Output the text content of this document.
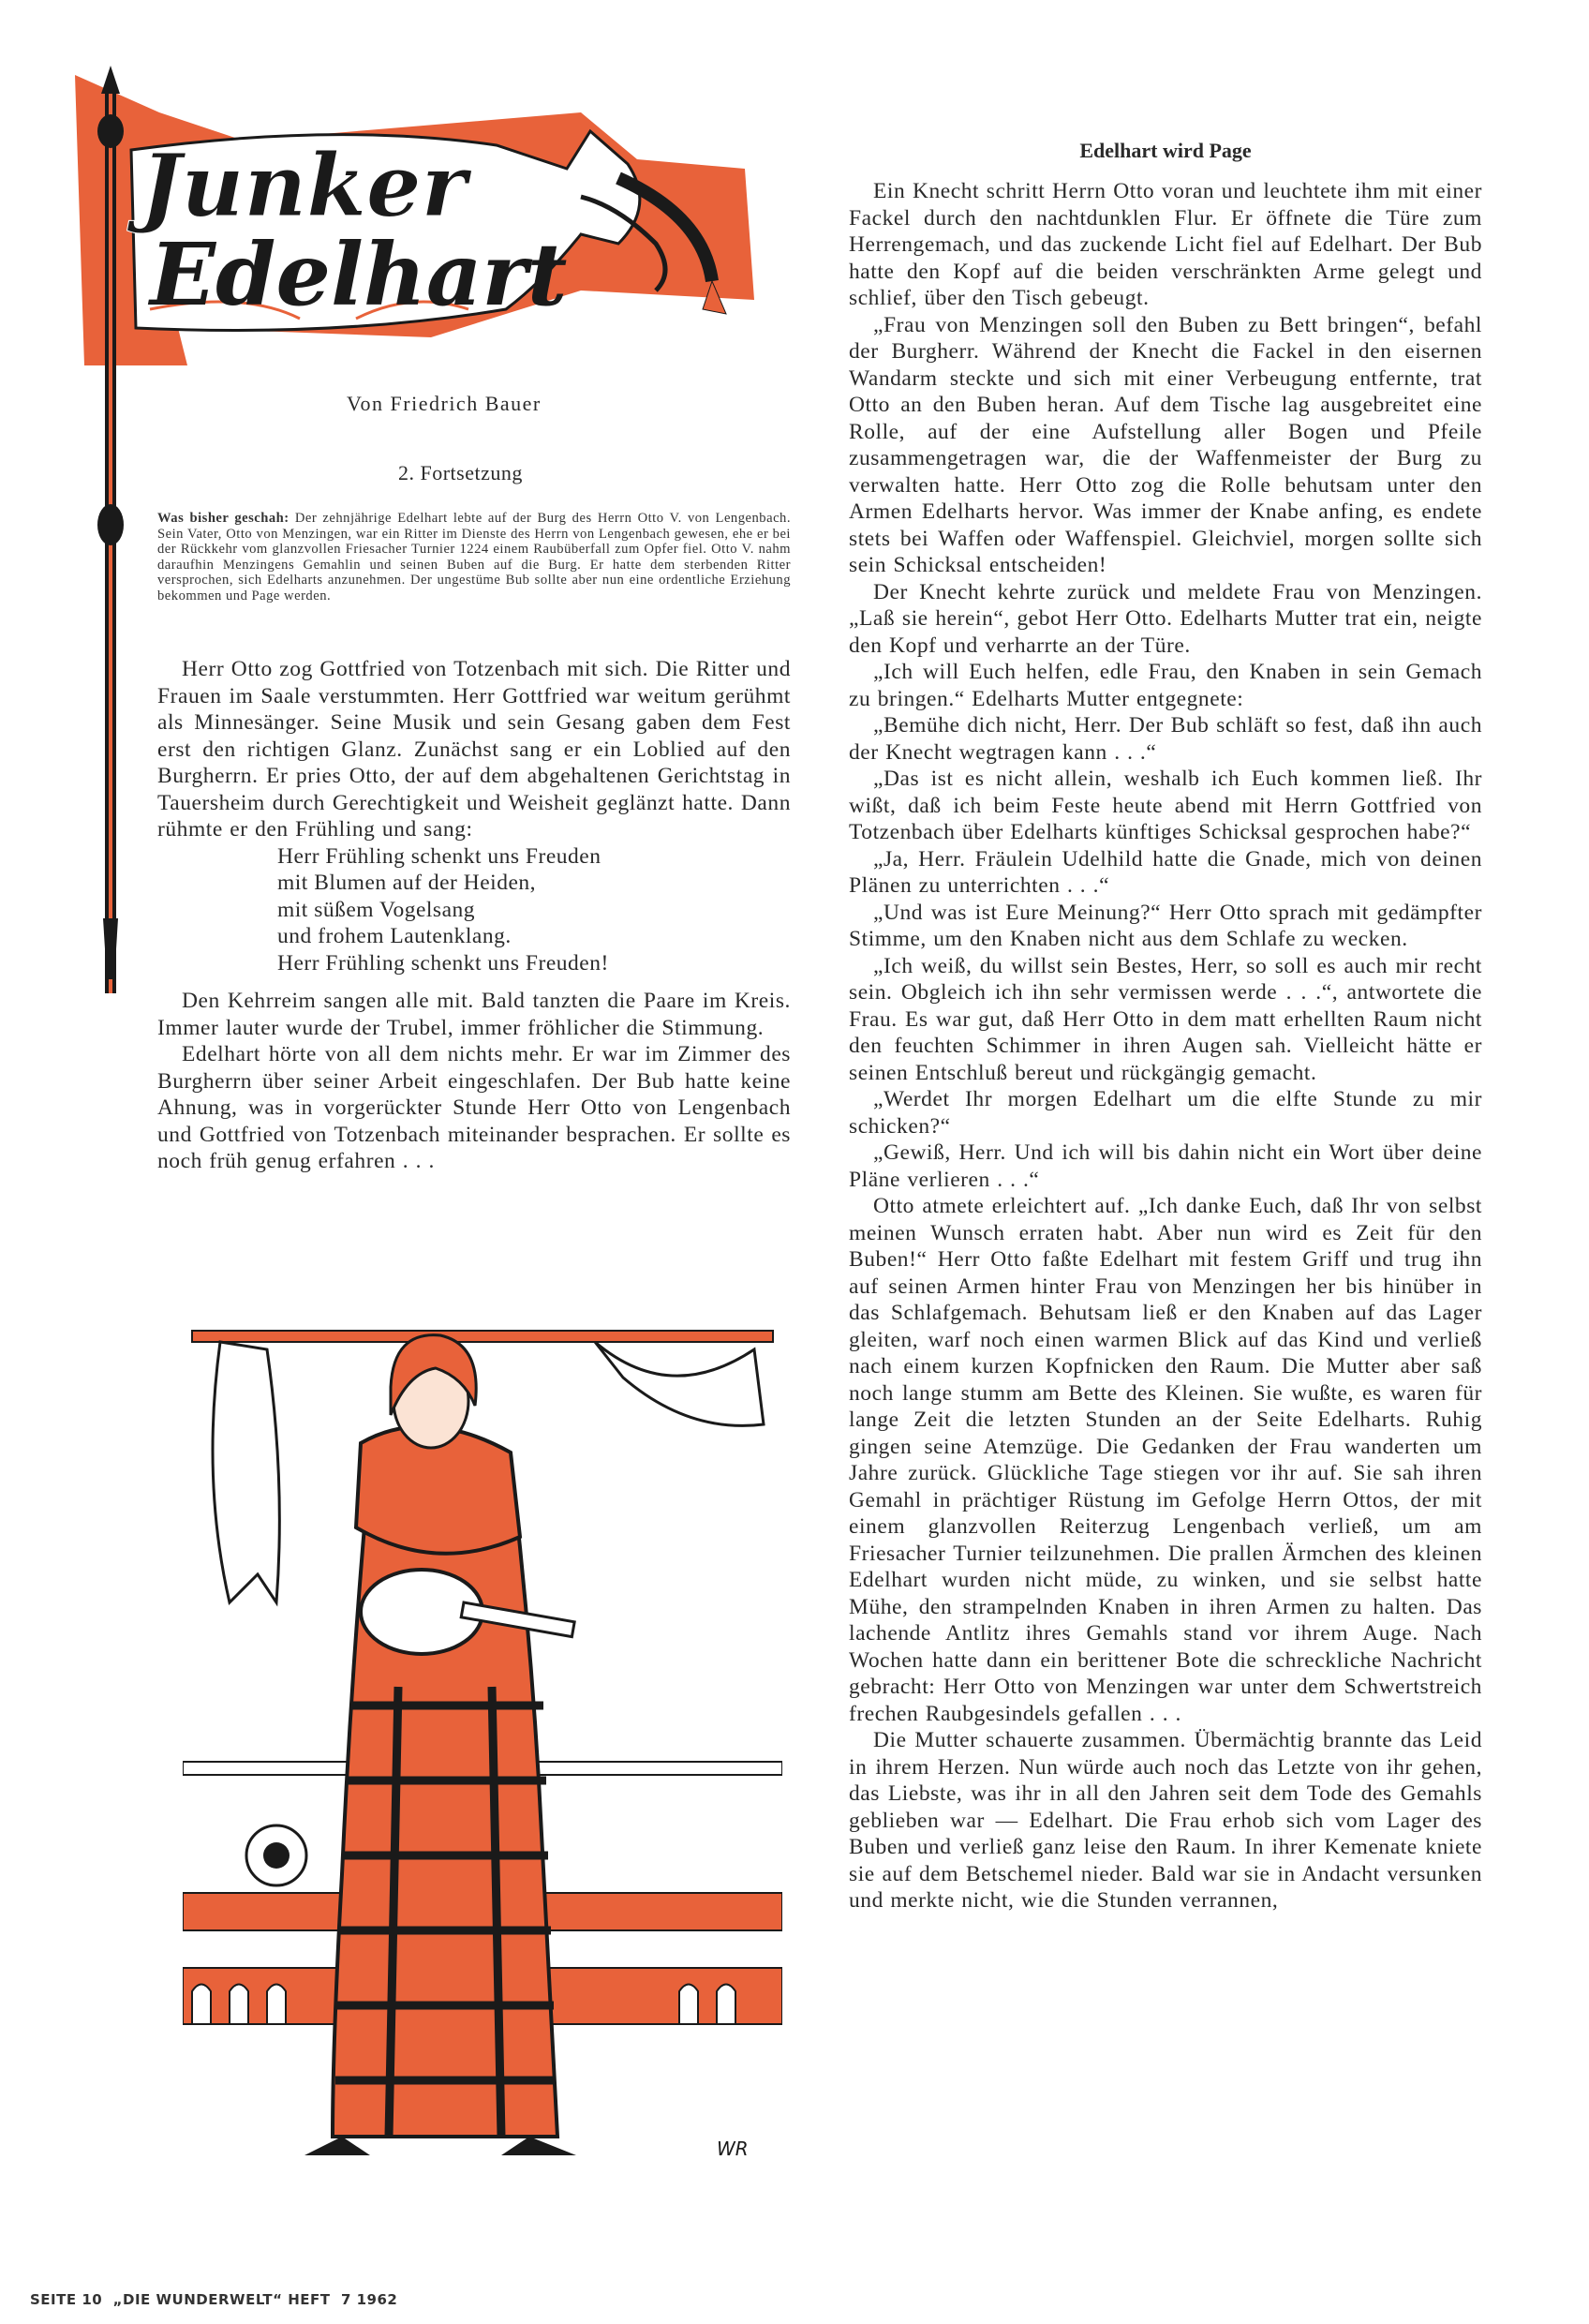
Junker
Edelhart
Von Friedrich Bauer
2. Fortsetzung
Was bisher geschah: Der zehnjährige Edelhart lebte auf der Burg des Herrn Otto V. von Lengenbach. Sein Vater, Otto von Menzingen, war ein Ritter im Dienste des Herrn von Lengenbach gewesen, ehe er bei der Rückkehr vom glanzvollen Friesacher Turnier 1224 einem Raubüberfall zum Opfer fiel. Otto V. nahm daraufhin Menzingens Gemahlin und seinen Buben auf die Burg. Er hatte dem sterbenden Ritter versprochen, sich Edelharts anzunehmen. Der ungestüme Bub sollte aber nun eine ordentliche Erziehung bekommen und Page werden.

Herr Otto zog Gottfried von Totzenbach mit sich. Die Ritter und Frauen im Saale verstummten. Herr Gottfried war weitum gerühmt als Minnesänger. Seine Musik und sein Gesang gaben dem Fest erst den richtigen Glanz. Zunächst sang er ein Loblied auf den Burgherrn. Er pries Otto, der auf dem abgehaltenen Gerichtstag in Tauersheim durch Gerechtigkeit und Weisheit geglänzt hatte. Dann rühmte er den Frühling und sang:

Herr Frühling schenkt uns Freuden
mit Blumen auf der Heiden,
mit süßem Vogelsang
und frohem Lautenklang.
Herr Frühling schenkt uns Freuden!

Den Kehrreim sangen alle mit. Bald tanzten die Paare im Kreis. Immer lauter wurde der Trubel, immer fröhlicher die Stimmung.

Edelhart hörte von all dem nichts mehr. Er war im Zimmer des Burgherrn über seiner Arbeit eingeschlafen. Der Bub hatte keine Ahnung, was in vorgerückter Stunde Herr Otto von Lengenbach und Gottfried von Totzenbach miteinander besprachen. Er sollte es noch früh genug erfahren . . .

WR
Edelhart wird Page

Ein Knecht schritt Herrn Otto voran und leuchtete ihm mit einer Fackel durch den nachtdunklen Flur. Er öffnete die Türe zum Herrengemach, und das zuckende Licht fiel auf Edelhart. Der Bub hatte den Kopf auf die beiden verschränkten Arme gelegt und schlief, über den Tisch gebeugt.

„Frau von Menzingen soll den Buben zu Bett bringen“, befahl der Burgherr. Während der Knecht die Fackel in den eisernen Wandarm steckte und sich mit einer Verbeugung entfernte, trat Otto an den Buben heran. Auf dem Tische lag ausgebreitet eine Rolle, auf der eine Aufstellung aller Bogen und Pfeile zusammengetragen war, die der Waffenmeister der Burg zu verwalten hatte. Herr Otto zog die Rolle behutsam unter den Armen Edelharts hervor. Was immer der Knabe anfing, es endete stets bei Waffen oder Waffenspiel. Gleichviel, morgen sollte sich sein Schicksal entscheiden!

Der Knecht kehrte zurück und meldete Frau von Menzingen. „Laß sie herein“, gebot Herr Otto. Edelharts Mutter trat ein, neigte den Kopf und verharrte an der Türe.

„Ich will Euch helfen, edle Frau, den Knaben in sein Gemach zu bringen.“ Edelharts Mutter entgegnete:

„Bemühe dich nicht, Herr. Der Bub schläft so fest, daß ihn auch der Knecht wegtragen kann . . .“

„Das ist es nicht allein, weshalb ich Euch kommen ließ. Ihr wißt, daß ich beim Feste heute abend mit Herrn Gottfried von Totzenbach über Edelharts künftiges Schicksal gesprochen habe?“

„Ja, Herr. Fräulein Udelhild hatte die Gnade, mich von deinen Plänen zu unterrichten . . .“

„Und was ist Eure Meinung?“ Herr Otto sprach mit gedämpfter Stimme, um den Knaben nicht aus dem Schlafe zu wecken.

„Ich weiß, du willst sein Bestes, Herr, so soll es auch mir recht sein. Obgleich ich ihn sehr vermissen werde . . .“, antwortete die Frau. Es war gut, daß Herr Otto in dem matt erhellten Raum nicht den feuchten Schimmer in ihren Augen sah. Vielleicht hätte er seinen Entschluß bereut und rückgängig gemacht.

„Werdet Ihr morgen Edelhart um die elfte Stunde zu mir schicken?“

„Gewiß, Herr. Und ich will bis dahin nicht ein Wort über deine Pläne verlieren . . .“

Otto atmete erleichtert auf. „Ich danke Euch, daß Ihr von selbst meinen Wunsch erraten habt. Aber nun wird es Zeit für den Buben!“ Herr Otto faßte Edelhart mit festem Griff und trug ihn auf seinen Armen hinter Frau von Menzingen her bis hinüber in das Schlafgemach. Behutsam ließ er den Knaben auf das Lager gleiten, warf noch einen warmen Blick auf das Kind und verließ nach einem kurzen Kopfnicken den Raum. Die Mutter aber saß noch lange stumm am Bette des Kleinen. Sie wußte, es waren für lange Zeit die letzten Stunden an der Seite Edelharts. Ruhig gingen seine Atemzüge. Die Gedanken der Frau wanderten um Jahre zurück. Glückliche Tage stiegen vor ihr auf. Sie sah ihren Gemahl in prächtiger Rüstung im Gefolge Herrn Ottos, der mit einem glanzvollen Reiterzug Lengenbach verließ, um am Friesacher Turnier teilzunehmen. Die prallen Ärmchen des kleinen Edelhart wurden nicht müde, zu winken, und sie selbst hatte Mühe, den strampelnden Knaben in ihren Armen zu halten. Das lachende Antlitz ihres Gemahls stand vor ihrem Auge. Nach Wochen hatte dann ein berittener Bote die schreckliche Nachricht gebracht: Herr Otto von Menzingen war unter dem Schwertstreich frechen Raubgesindels gefallen . . .

Die Mutter schauerte zusammen. Übermächtig brannte das Leid in ihrem Herzen. Nun würde auch noch das Letzte von ihr gehen, das Liebste, was ihr in all den Jahren seit dem Tode des Gemahls geblieben war — Edelhart. Die Frau erhob sich vom Lager des Buben und verließ ganz leise den Raum. In ihrer Kemenate kniete sie auf dem Betschemel nieder. Bald war sie in Andacht versunken und merkte nicht, wie die Stunden verrannen,

SEITE 10  „DIE WUNDERWELT“ HEFT  7 1962
